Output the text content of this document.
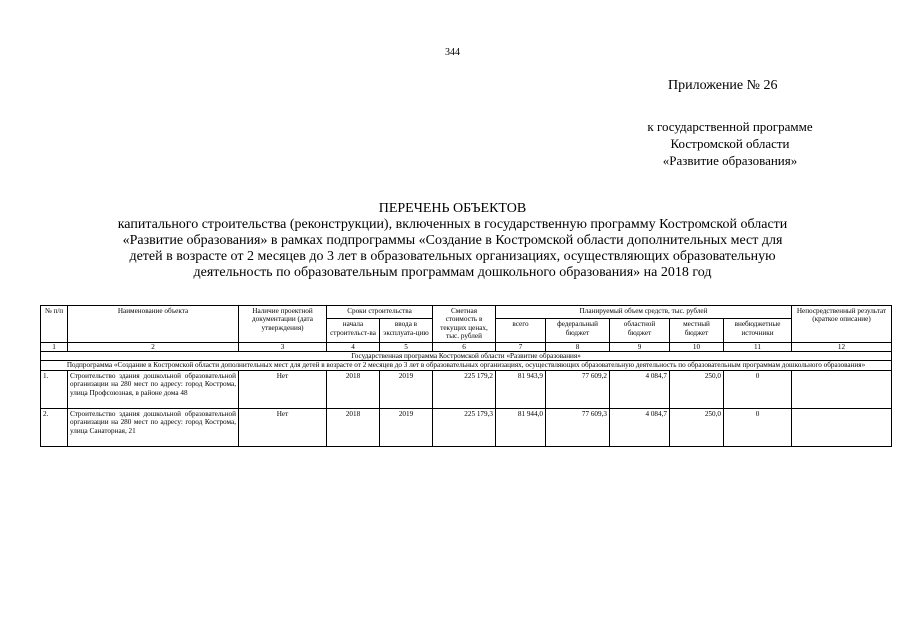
344
Приложение № 26
к государственной программе
Костромской области
«Развитие образования»
ПЕРЕЧЕНЬ ОБЪЕКТОВ
капитального строительства (реконструкции), включенных в государственную программу Костромской области
«Развитие образования» в рамках подпрограммы «Создание в Костромской области дополнительных мест для
детей в возрасте от 2 месяцев до 3 лет в образовательных организациях, осуществляющих образовательную
деятельность по образовательным программам дошкольного образования» на 2018 год
№ п/п	Наименование объекта	Наличие проектной документации (дата утверждения)	Сроки строительства		Сметная стоимость в текущих ценах, тыс. рублей	Планируемый объем средств, тыс. рублей					Непосредственный результат (краткое описание)
			начала строительст-ва	ввода в эксплуата-цию		всего	федеральный бюджет	областной бюджет	местный бюджет	внебюджетные источники	
1	2	3	4	5	6	7	8	9	10	11	12
Государственная программа Костромской области «Развитие образования»											
Подпрограмма «Создание в Костромской области дополнительных мест для детей в возрасте от 2 месяцев до 3 лет в образовательных организациях, осуществляющих образовательную деятельность по образовательным программам дошкольного образования»											
1.	Строительство здания дошкольной образовательной организации на 280 мест по адресу: город Кострома, улица Профсоюзная, в районе дома 48	Нет	2018	2019	225 179,2	81 943,9	77 609,2	4 084,7	250,0	0	
2.	Строительство здания дошкольной образовательной организации на 280 мест по адресу: город Кострома, улица Санаторная, 21	Нет	2018	2019	225 179,3	81 944,0	77 609,3	4 084,7	250,0	0	
